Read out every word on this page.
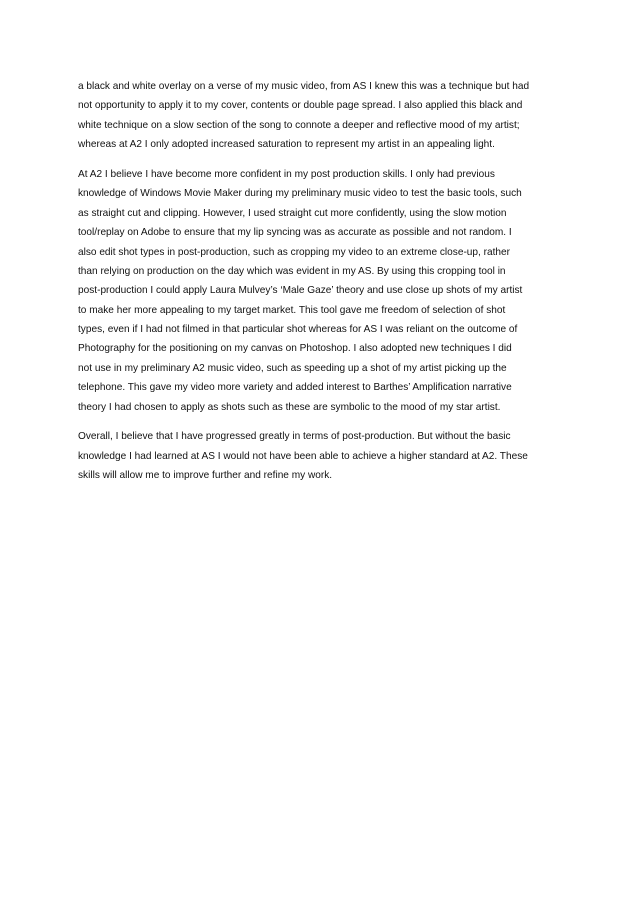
a black and white overlay on a verse of my music video, from AS I knew this was a technique but had
not opportunity to apply it to my cover, contents or double page spread. I also applied this black and
white technique on a slow section of the song to connote a deeper and reflective mood of my artist;
whereas at A2 I only adopted increased saturation to represent my artist in an appealing light.
At A2 I believe I have become more confident in my post production skills. I only had previous
knowledge of Windows Movie Maker during my preliminary music video to test the basic tools, such
as straight cut and clipping. However, I used straight cut more confidently, using the slow motion
tool/replay on Adobe to ensure that my lip syncing was as accurate as possible and not random. I
also edit shot types in post-production, such as cropping my video to an extreme close-up, rather
than relying on production on the day which was evident in my AS. By using this cropping tool in
post-production I could apply Laura Mulvey’s ‘Male Gaze’ theory and use close up shots of my artist
to make her more appealing to my target market. This tool gave me freedom of selection of shot
types, even if I had not filmed in that particular shot whereas for AS I was reliant on the outcome of
Photography for the positioning on my canvas on Photoshop. I also adopted new techniques I did
not use in my preliminary A2 music video, such as speeding up a shot of my artist picking up the
telephone. This gave my video more variety and added interest to Barthes’ Amplification narrative
theory I had chosen to apply as shots such as these are symbolic to the mood of my star artist.
Overall, I believe that I have progressed greatly in terms of post-production. But without the basic
knowledge I had learned at AS I would not have been able to achieve a higher standard at A2. These
skills will allow me to improve further and refine my work.
